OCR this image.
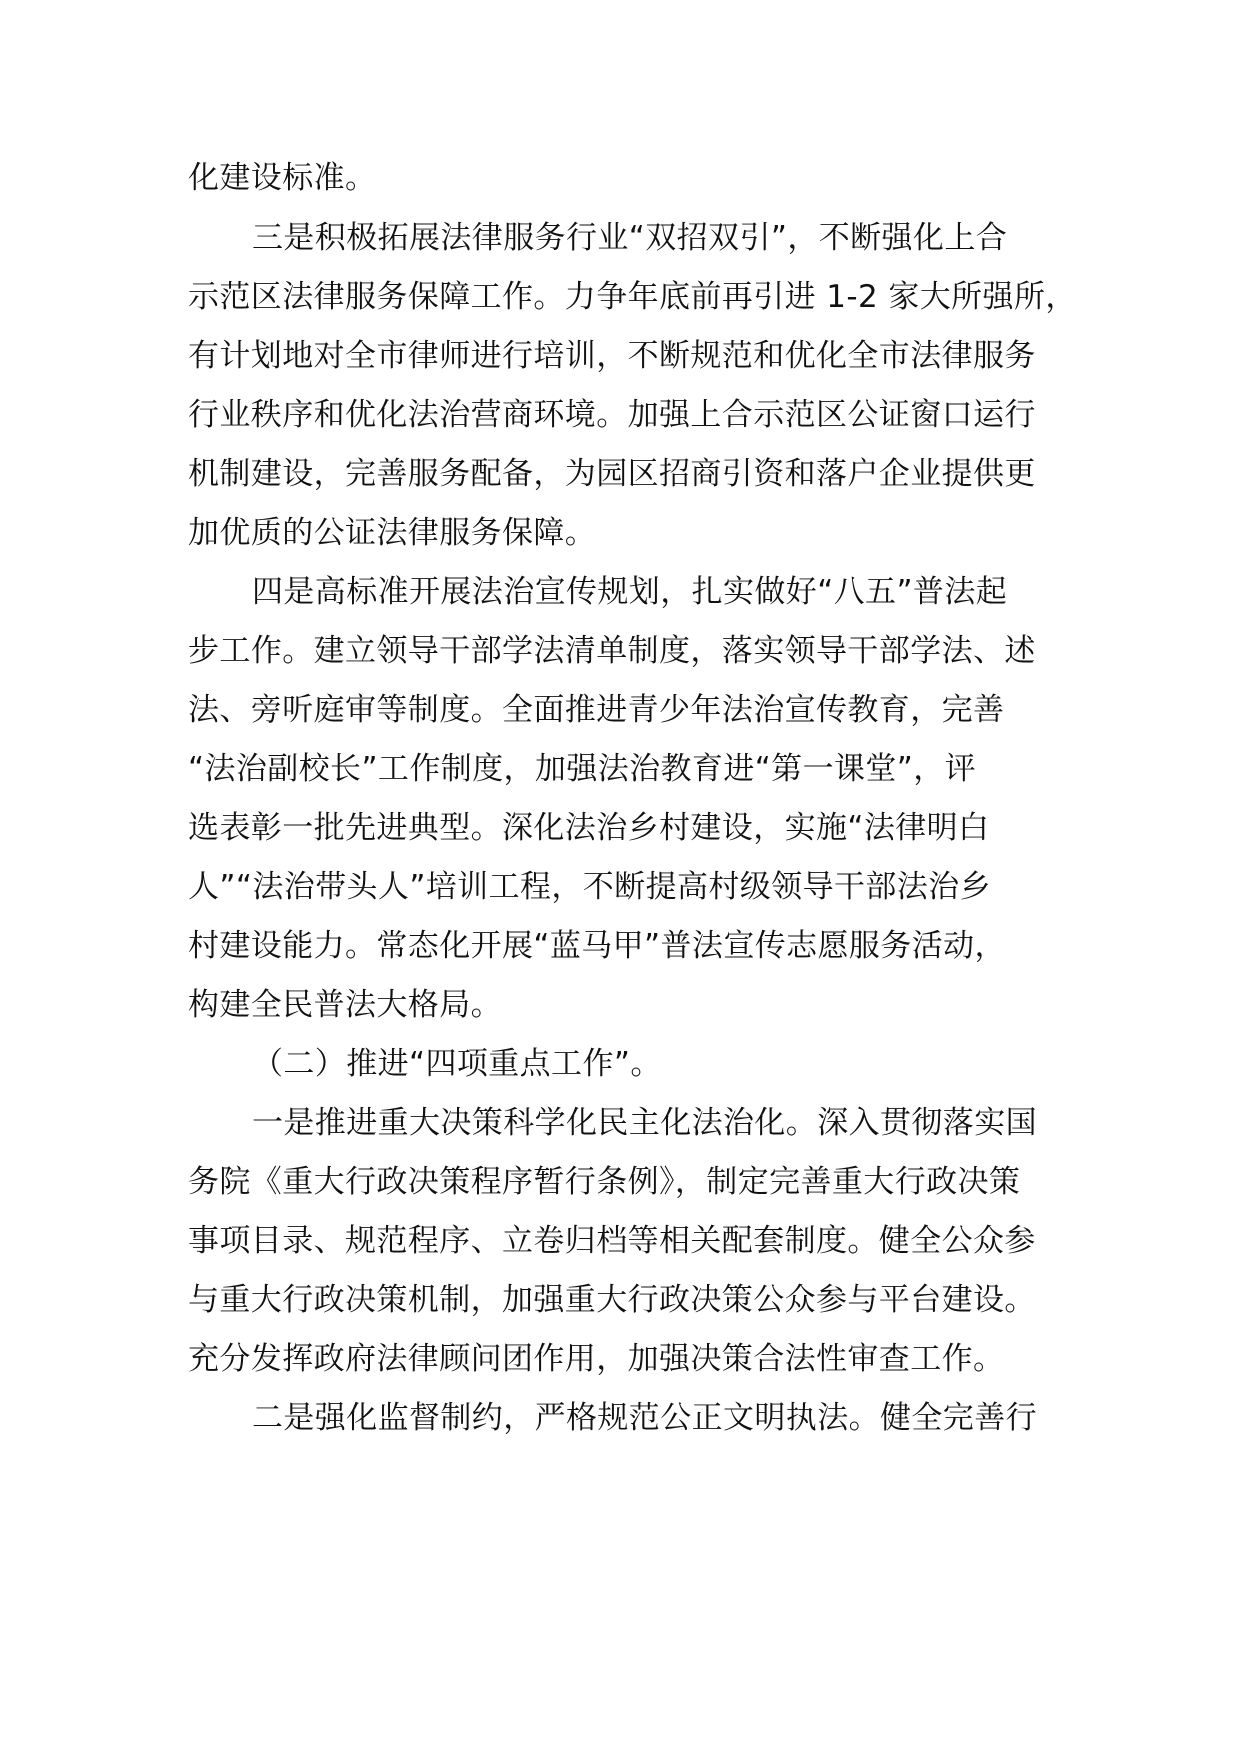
化建设标准。
三是积极拓展法律服务行业“双招双引”，不断强化上合
示范区法律服务保障工作。力争年底前再引进 1-2 家大所强所，
有计划地对全市律师进行培训，不断规范和优化全市法律服务
行业秩序和优化法治营商环境。加强上合示范区公证窗口运行
机制建设，完善服务配备，为园区招商引资和落户企业提供更
加优质的公证法律服务保障。
四是高标准开展法治宣传规划，扎实做好“八五”普法起
步工作。建立领导干部学法清单制度，落实领导干部学法、述
法、旁听庭审等制度。全面推进青少年法治宣传教育，完善
“法治副校长”工作制度，加强法治教育进“第一课堂”，评
选表彰一批先进典型。深化法治乡村建设，实施“法律明白
人”“法治带头人”培训工程，不断提高村级领导干部法治乡
村建设能力。常态化开展“蓝马甲”普法宣传志愿服务活动，
构建全民普法大格局。
（二）推进“四项重点工作”。
一是推进重大决策科学化民主化法治化。深入贯彻落实国
务院《重大行政决策程序暂行条例》，制定完善重大行政决策
事项目录、规范程序、立卷归档等相关配套制度。健全公众参
与重大行政决策机制，加强重大行政决策公众参与平台建设。
充分发挥政府法律顾问团作用，加强决策合法性审查工作。
二是强化监督制约，严格规范公正文明执法。健全完善行
